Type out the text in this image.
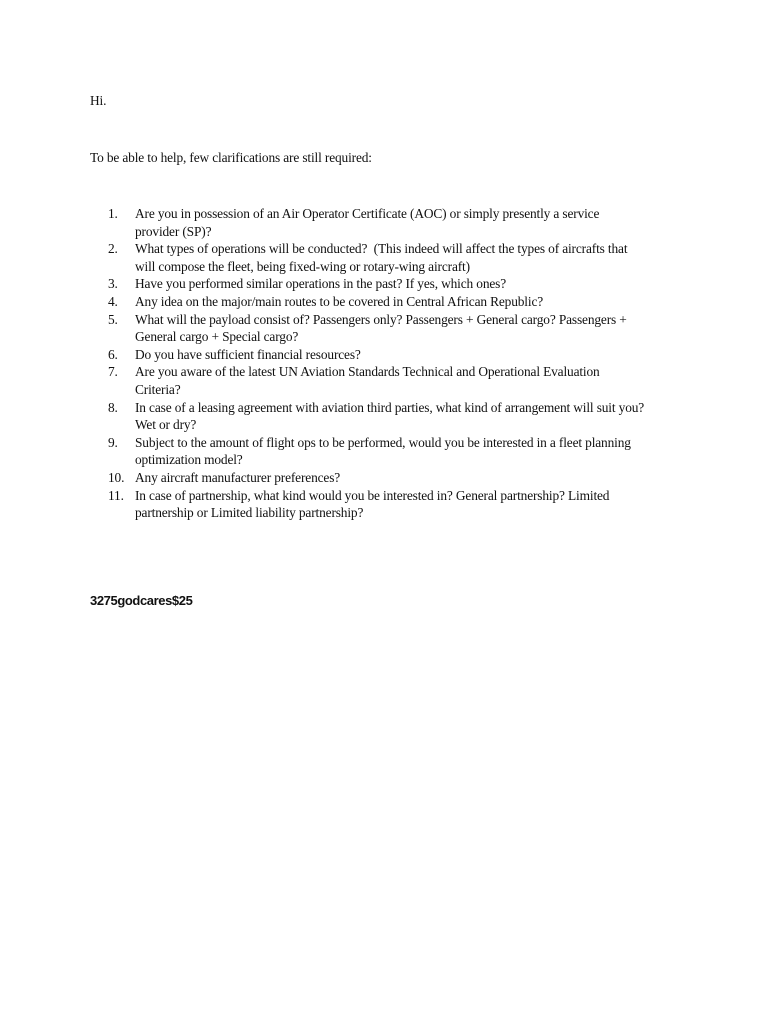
Hi.
To be able to help, few clarifications are still required:
1.	Are you in possession of an Air Operator Certificate (AOC) or simply presently a service
provider (SP)?
2.	What types of operations will be conducted?  (This indeed will affect the types of aircrafts that
will compose the fleet, being fixed-wing or rotary-wing aircraft)
3.	Have you performed similar operations in the past? If yes, which ones?
4.	Any idea on the major/main routes to be covered in Central African Republic?
5.	What will the payload consist of? Passengers only? Passengers + General cargo? Passengers +
General cargo + Special cargo?
6.	Do you have sufficient financial resources?
7.	Are you aware of the latest UN Aviation Standards Technical and Operational Evaluation
Criteria?
8.	In case of a leasing agreement with aviation third parties, what kind of arrangement will suit you?
Wet or dry?
9.	Subject to the amount of flight ops to be performed, would you be interested in a fleet planning
optimization model?
10. Any aircraft manufacturer preferences?
11. In case of partnership, what kind would you be interested in? General partnership? Limited
partnership or Limited liability partnership?
3275godcares$25
